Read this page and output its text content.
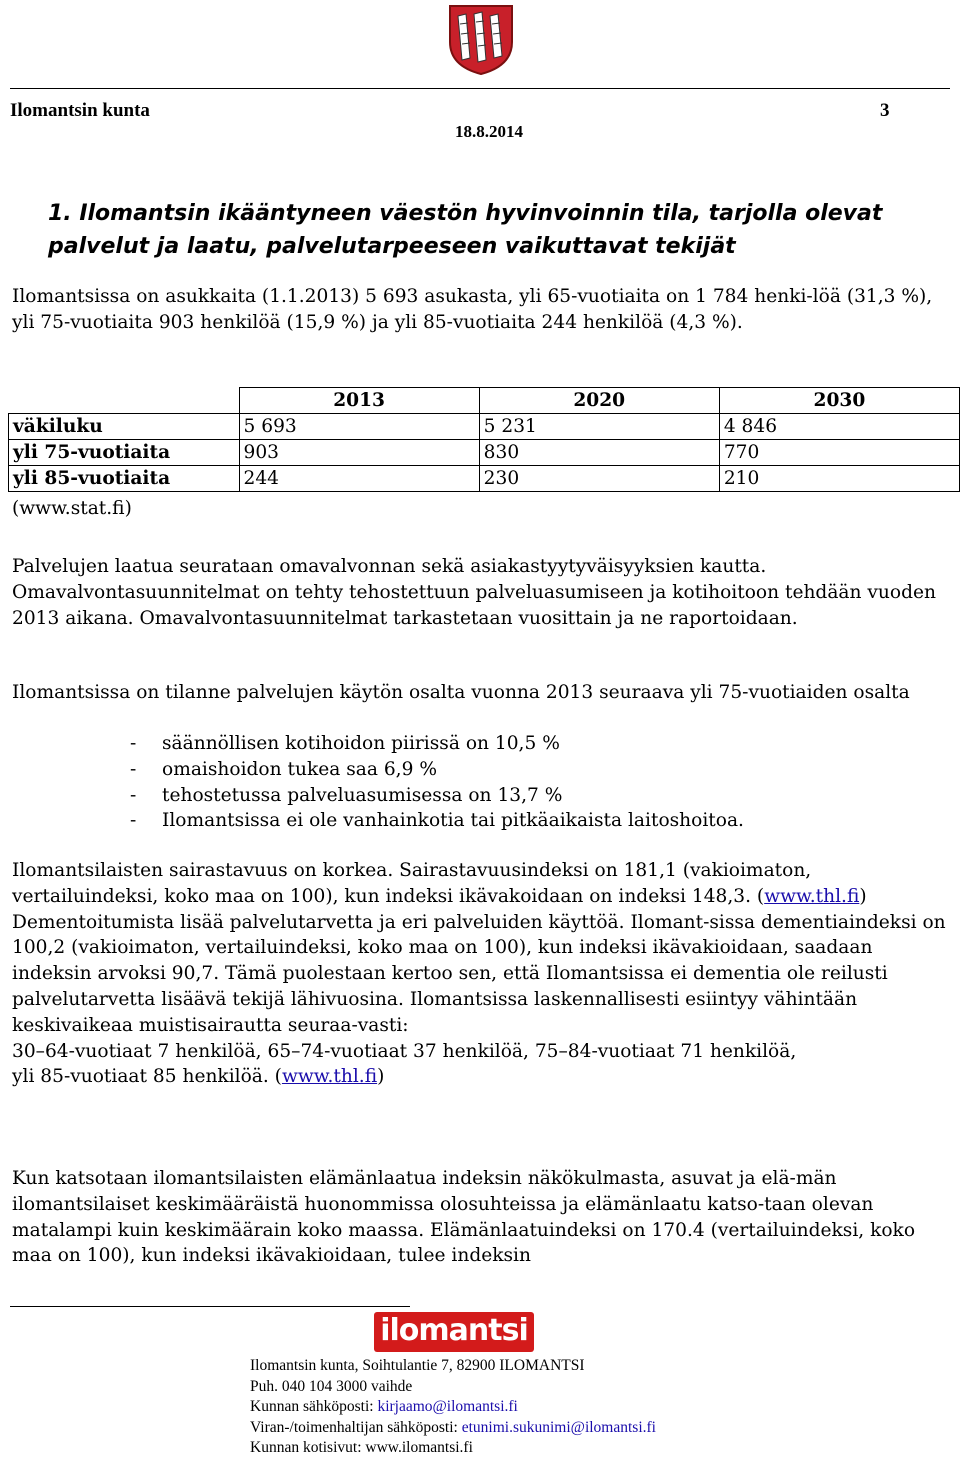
Ilomantsin kunta	3
18.8.2014
1. Ilomantsin ikääntyneen väestön hyvinvoinnin tila, tarjolla olevat palvelut ja laatu, palvelutarpeeseen vaikuttavat tekijät
Ilomantsissa on asukkaita (1.1.2013) 5 693 asukasta, yli 65-vuotiaita on 1 784 henki-löä (31,3 %), yli 75-vuotiaita 903 henkilöä (15,9 %) ja yli 85-vuotiaita 244 henkilöä (4,3 %).
	2013	2020	2030
väkiluku	5 693	5 231	4 846
yli 75-vuotiaita	903	830	770
yli 85-vuotiaita	244	230	210
(www.stat.fi)
Palvelujen laatua seurataan omavalvonnan sekä asiakastyytyväisyyksien kautta. Omavalvontasuunnitelmat on tehty tehostettuun palveluasumiseen ja kotihoitoon tehdään vuoden 2013 aikana. Omavalvontasuunnitelmat tarkastetaan vuosittain ja ne raportoidaan.
Ilomantsissa on tilanne palvelujen käytön osalta vuonna 2013 seuraava yli 75-vuotiaiden osalta
- säännöllisen kotihoidon piirissä on 10,5 %
- omaishoidon tukea saa 6,9 %
- tehostetussa palveluasumisessa on 13,7 %
- Ilomantsissa ei ole vanhainkotia tai pitkäaikaista laitoshoitoa.
Ilomantsilaisten sairastavuus on korkea. Sairastavuusindeksi on 181,1 (vakioimaton, vertailuindeksi, koko maa on 100), kun indeksi ikävakoidaan on indeksi 148,3. (www.thl.fi) Dementoitumista lisää palvelutarvetta ja eri palveluiden käyttöä. Ilomant-sissa dementiaindeksi on 100,2 (vakioimaton, vertailuindeksi, koko maa on 100), kun indeksi ikävakioidaan, saadaan indeksin arvoksi 90,7. Tämä puolestaan kertoo sen, että Ilomantsissa ei dementia ole reilusti palvelutarvetta lisäävä tekijä lähivuosina. Ilomantsissa laskennallisesti esiintyy vähintään keskivaikeaa muistisairautta seuraa-vasti:
30–64-vuotiaat 7 henkilöä, 65–74-vuotiaat 37 henkilöä, 75–84-vuotiaat 71 henkilöä,
yli 85-vuotiaat 85 henkilöä. (www.thl.fi)
Kun katsotaan ilomantsilaisten elämänlaatua indeksin näkökulmasta, asuvat ja elä-män ilomantsilaiset keskimääräistä huonommissa olosuhteissa ja elämänlaatu katso-taan olevan matalampi kuin keskimäärain koko maassa. Elämänlaatuindeksi on 170.4 (vertailuindeksi, koko maa on 100), kun indeksi ikävakioidaan, tulee indeksin
ilomantsi
Ilomantsin kunta, Soihtulantie 7, 82900 ILOMANTSI
Puh. 040 104 3000 vaihde
Kunnan sähköposti: kirjaamo@ilomantsi.fi
Viran-/toimenhaltijan sähköposti: etunimi.sukunimi@ilomantsi.fi
Kunnan kotisivut: www.ilomantsi.fi
